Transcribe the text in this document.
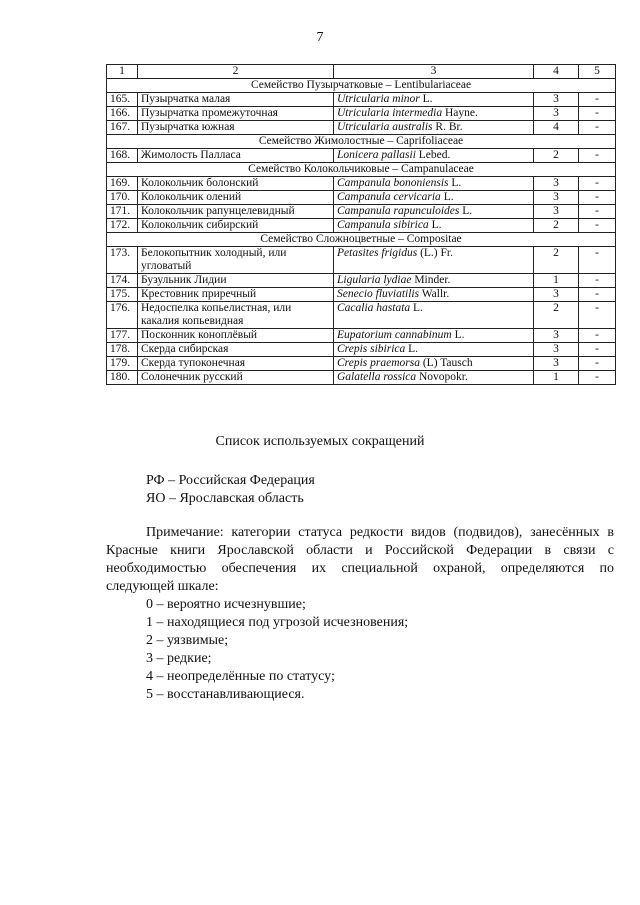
7
1	2	3	4	5
Семейство Пузырчатковые – Lentibulariaceae				
165.	Пузырчатка малая	Utricularia minor L.	3	-
166.	Пузырчатка промежуточная	Utricularia intermedia Hayne.	3	-
167.	Пузырчатка южная	Utricularia australis R. Br.	4	-
Семейство Жимолостные – Caprifoliaceae				
168.	Жимолость Палласа	Lonicera pallasii Lebed.	2	-
Семейство Колокольчиковые – Campanulaceae				
169.	Колокольчик болонский	Campanula bononiensis L.	3	-
170.	Колокольчик олений	Campanula cervicaria L.	3	-
171.	Колокольчик рапунцелевидный	Campanula rapunculoides L.	3	-
172.	Колокольчик сибирский	Campanula sibirica L.	2	-
Семейство Сложноцветные – Compositae				
173.	Белокопытник холодный, или угловатый	Petasites frigidus (L.) Fr.	2	-
174.	Бузульник Лидии	Ligularia lydiae Minder.	1	-
175.	Крестовник приречный	Senecio fluviatilis Wallr.	3	-
176.	Недоспелка копьелистная, или какалия копьевидная	Cacalia hastata L.	2	-
177.	Посконник коноплёвый	Eupatorium cannabinum L.	3	-
178.	Скерда сибирская	Crepis sibirica L.	3	-
179.	Скерда тупоконечная	Crepis praemorsa (L) Tausch	3	-
180.	Солонечник русский	Galatella rossica Novopokr.	1	-
Список используемых сокращений
РФ – Российская Федерация
ЯО – Ярославская область

Примечание: категории статуса редкости видов (подвидов), занесённых в Красные книги Ярославской области и Российской Федерации в связи с необходимостью обеспечения их специальной охраной, определяются по следующей шкале:

0 – вероятно исчезнувшие;
1 – находящиеся под угрозой исчезновения;
2 – уязвимые;
3 – редкие;
4 – неопределённые по статусу;
5 – восстанавливающиеся.
